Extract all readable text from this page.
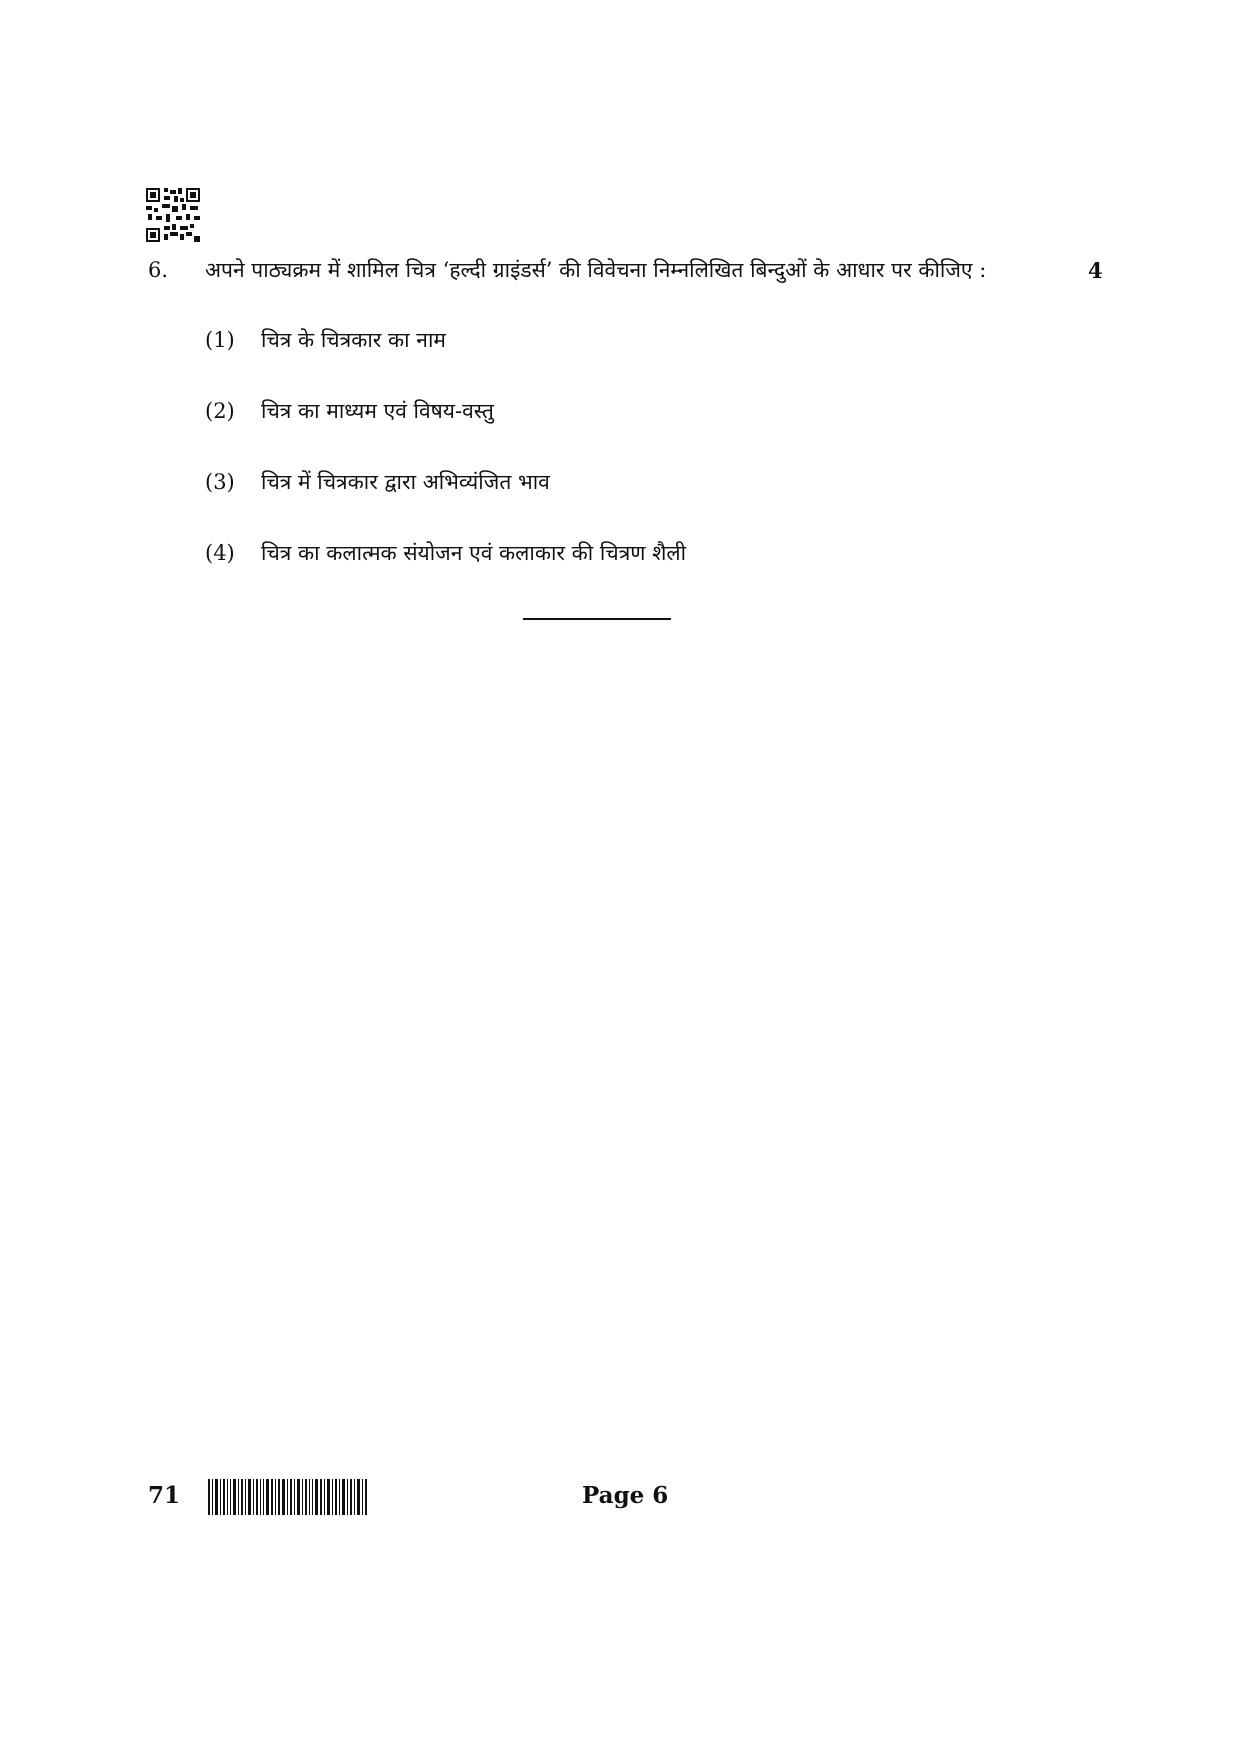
6. अपने पाठ्यक्रम में शामिल चित्र ‘हल्दी ग्राइंडर्स’ की विवेचना निम्नलिखित बिन्दुओं के आधार पर कीजिए :	4
(1) चित्र के चित्रकार का नाम
(2) चित्र का माध्यम एवं विषय-वस्तु
(3) चित्र में चित्रकार द्वारा अभिव्यंजित भाव
(4) चित्र का कलात्मक संयोजन एवं कलाकार की चित्रण शैली
71	Page 6
